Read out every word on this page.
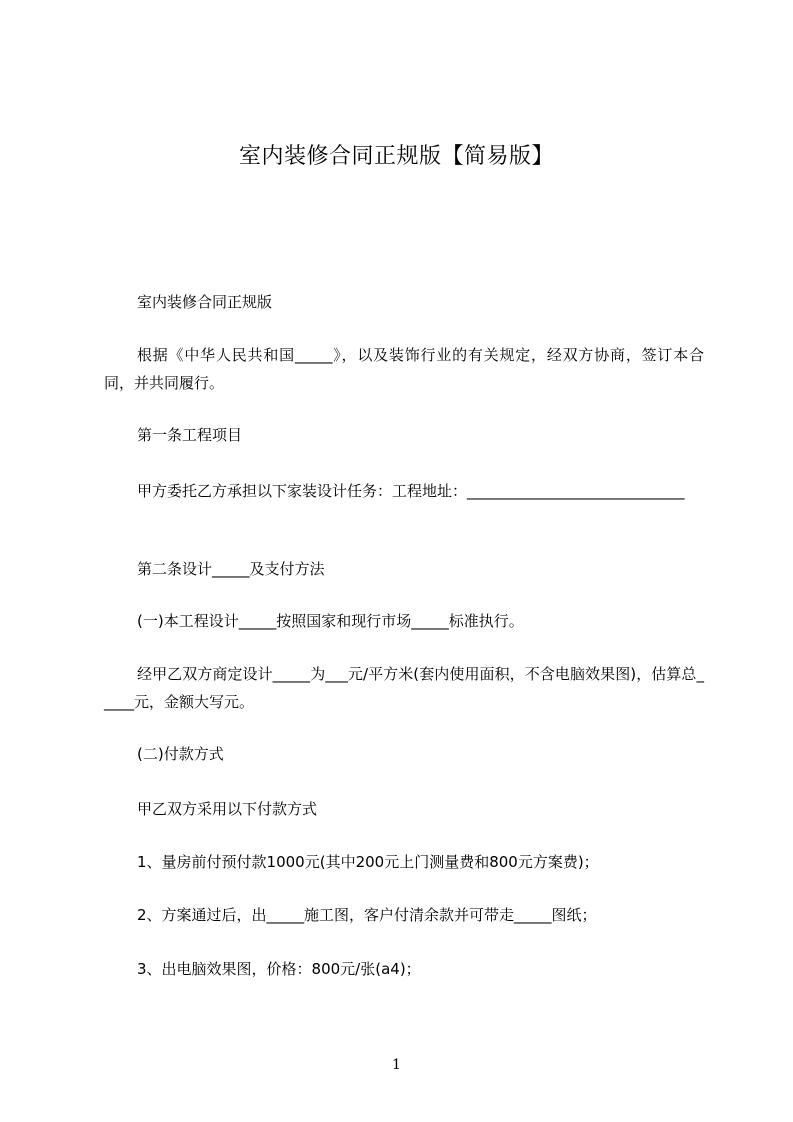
室内装修合同正规版【简易版】

室内装修合同正规版

根据《中华人民共和国_____》，以及装饰行业的有关规定，经双方协商，签订本合同，并共同履行。

第一条工程项目

甲方委托乙方承担以下家装设计任务：工程地址：_____________________________

第二条设计_____及支付方法

(一)本工程设计_____按照国家和现行市场_____标准执行。

经甲乙双方商定设计_____为___元/平方米(套内使用面积，不含电脑效果图)，估算总_____元，金额大写元。

(二)付款方式

甲乙双方采用以下付款方式

1、量房前付预付款1000元(其中200元上门测量费和800元方案费)；

2、方案通过后，出_____施工图，客户付清余款并可带走_____图纸；

3、出电脑效果图，价格：800元/张(a4)；

1
